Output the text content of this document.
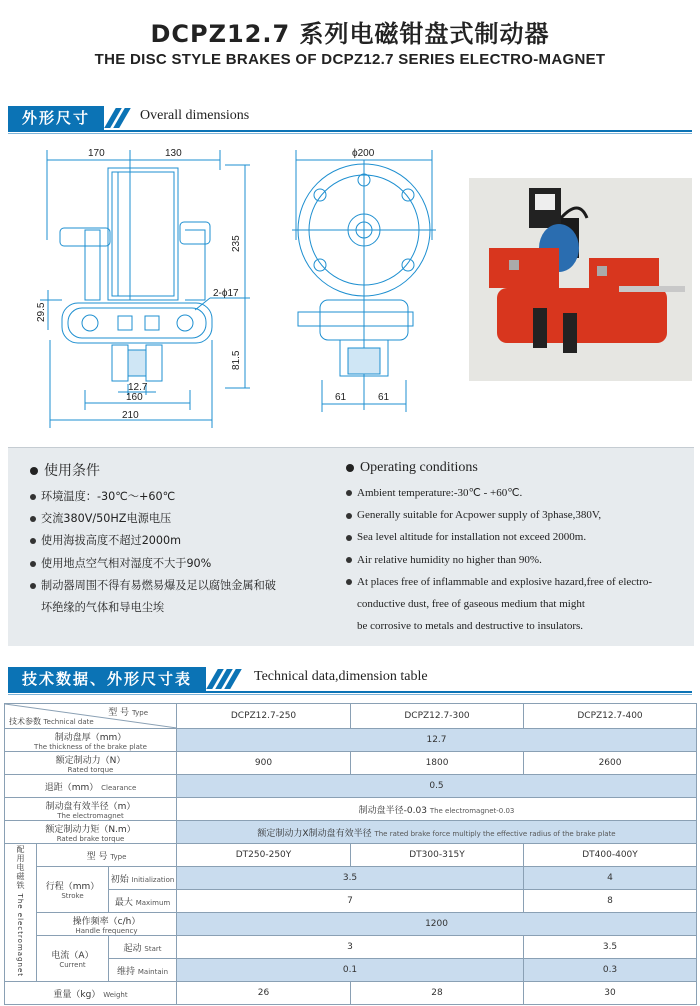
DCPZ12.7 系列电磁钳盘式制动器
THE DISC STYLE BRAKES OF DCPZ12.7 SERIES ELECTRO-MAGNET
外形尺寸	Overall dimensions
170	130
235
29.5
2-ϕ17
81.5
12.7
160
210
ϕ200
61	61
使用条件
环境温度：-30℃～+60℃
交流380V/50HZ电源电压
使用海拔高度不超过2000m
使用地点空气相对湿度不大于90%
制动器周围不得有易燃易爆及足以腐蚀金属和破
坏绝缘的气体和导电尘埃
Operating conditions
Ambient temperature:-30℃ - +60℃.
Generally suitable for Acpower supply of 3phase,380V,
Sea level altitude for installation not exceed 2000m.
Air relative humidity no higher than 90%.
At places free of inflammable and explosive hazard,free of electro-
conductive dust, free of gaseous medium that might
be corrosive to metals and destructive to insulators.
技术数据、外形尺寸表	Technical data,dimension table
型 号 Type
技术参数 Technical date			DCPZ12.7-250	DCPZ12.7-300	DCPZ12.7-400
制动盘厚（mm）
The thickness of the brake plate			12.7		
额定制动力（N）
Rated torque			900	1800	2600
退距（mm） Clearance			0.5		
制动盘有效半径（m）
The electromagnet			制动盘半径-0.03 The electromagnet-0.03		
额定制动力矩（N.m）
Rated brake torque			额定制动力X制动盘有效半径 The rated brake force multiply the effective radius of the brake plate		
配用电磁铁 The electromagnet	型 号 Type		DT250-250Y	DT300-315Y	DT400-400Y
	行程（mm）
Stroke	初始 Initialization	3.5		4
		最大 Maximum	7		8
	操作频率（c/h）
Handle frequency		1200		
	电流（A）
Current	起动 Start	3		3.5
		维持 Maintain	0.1		0.3
重量（kg） Weight			26	28	30
